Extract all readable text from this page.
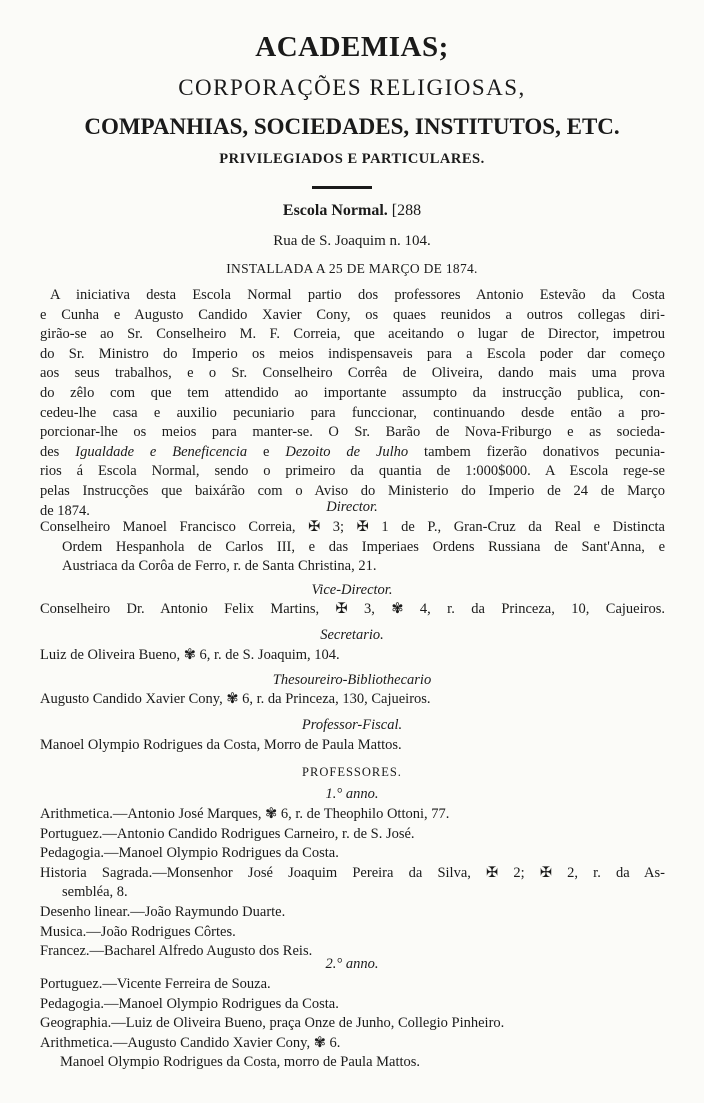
ACADEMIAS;
CORPORAÇÕES RELIGIOSAS,
COMPANHIAS, SOCIEDADES, INSTITUTOS, ETC.
PRIVILEGIADOS E PARTICULARES.
Escola Normal. [288
Rua de S. Joaquim n. 104.
INSTALLADA A 25 DE MARÇO DE 1874.
A iniciativa desta Escola Normal partio dos professores Antonio Estevão da Costa
e Cunha e Augusto Candido Xavier Cony, os quaes reunidos a outros collegas diri-
girão-se ao Sr. Conselheiro M. F. Correia, que aceitando o lugar de Director, impetrou
do Sr. Ministro do Imperio os meios indispensaveis para a Escola poder dar começo
aos seus trabalhos, e o Sr. Conselheiro Corrêa de Oliveira, dando mais uma prova
do zêlo com que tem attendido ao importante assumpto da instrucção publica, con-
cedeu-lhe casa e auxilio pecuniario para funccionar, continuando desde então a pro-
porcionar-lhe os meios para manter-se. O Sr. Barão de Nova-Friburgo e as socieda-
des Igualdade e Beneficencia e Dezoito de Julho tambem fizerão donativos pecunia-
rios á Escola Normal, sendo o primeiro da quantia de 1:000$000. A Escola rege-se
pelas Instrucções que baixárão com o Aviso do Ministerio do Imperio de 24 de Março
de 1874.	Director.
Conselheiro Manoel Francisco Correia, ✠ 3; ✠ 1 de P., Gran-Cruz da Real e Distincta
Ordem Hespanhola de Carlos III, e das Imperiaes Ordens Russiana de Sant'Anna, e
Austriaca da Corôa de Ferro, r. de Santa Christina, 21.
Vice-Director.
Conselheiro Dr. Antonio Felix Martins, ✠ 3, ✾ 4, r. da Princeza, 10, Cajueiros.
Secretario.
Luiz de Oliveira Bueno, ✾ 6, r. de S. Joaquim, 104.
Thesoureiro-Bibliothecario
Augusto Candido Xavier Cony, ✾ 6, r. da Princeza, 130, Cajueiros.
Professor-Fiscal.
Manoel Olympio Rodrigues da Costa, Morro de Paula Mattos.
PROFESSORES.
1.° anno.
Arithmetica.—Antonio José Marques, ✾ 6, r. de Theophilo Ottoni, 77.
Portuguez.—Antonio Candido Rodrigues Carneiro, r. de S. José.
Pedagogia.—Manoel Olympio Rodrigues da Costa.
Historia Sagrada.—Monsenhor José Joaquim Pereira da Silva, ✠ 2; ✠ 2, r. da As-
sembléa, 8.
Desenho linear.—João Raymundo Duarte.
Musica.—João Rodrigues Côrtes.
Francez.—Bacharel Alfredo Augusto dos Reis.
2.° anno.
Portuguez.—Vicente Ferreira de Souza.
Pedagogia.—Manoel Olympio Rodrigues da Costa.
Geographia.—Luiz de Oliveira Bueno, praça Onze de Junho, Collegio Pinheiro.
Arithmetica.—Augusto Candido Xavier Cony, ✾ 6.
Manoel Olympio Rodrigues da Costa, morro de Paula Mattos.
